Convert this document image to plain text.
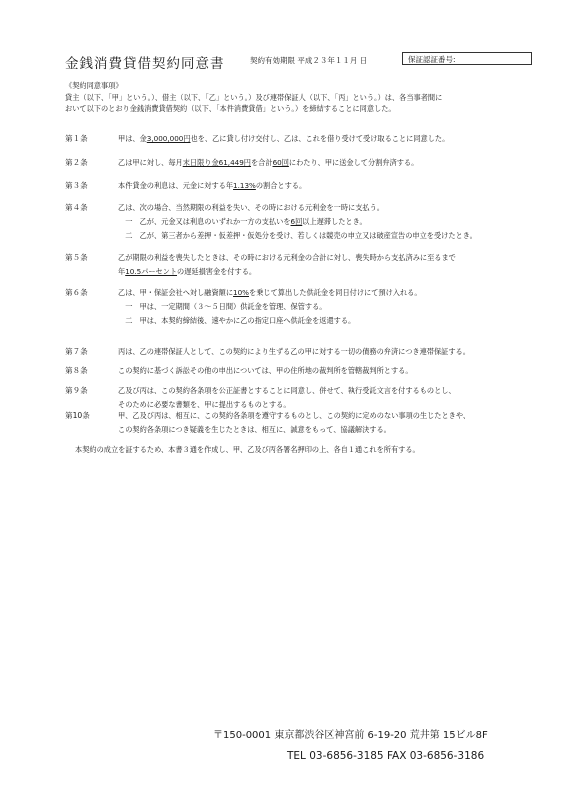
金銭消費貸借契約同意書	契約有効期限 平成２３年１１月 日	保証認証番号:
《契約同意事項》
貸主（以下、「甲」という。）、借主（以下、「乙」という。）及び連帯保証人（以下、「丙」という。）は、各当事者間に
おいて以下のとおり金銭消費貸借契約（以下、「本件消費貸借」という。）を締結することに同意した。
第１条	甲は、金3,000,000円也を、乙に貸し付け交付し、乙は、これを借り受けて受け取ることに同意した。
第２条	乙は甲に対し、毎月末日限り金61,449円を合計60回にわたり、甲に送金して分割弁済する。
第３条	本件貸金の利息は、元金に対する年1.13%の割合とする。
第４条	乙は、次の場合、当然期限の利益を失い、その時における元利金を一時に支払う。
　一　乙が、元金又は利息のいずれか一方の支払いを6回以上遅滞したとき。
　二　乙が、第三者から差押・仮差押・仮処分を受け、若しくは競売の申立又は破産宣告の申立を受けたとき。
第５条	乙が期限の利益を喪失したときは、その時における元利金の合計に対し、喪失時から支払済みに至るまで
年10.5パーセントの遅延損害金を付する。
第６条	乙は、甲・保証会社へ対し融資額に10%を乗じて算出した供託金を同日付けにて預け入れる。
　一　甲は、一定期間（３～５日間）供託金を管理、保管する。
　二　甲は、本契約締結後、速やかに乙の指定口座へ供託金を返還する。
第７条	丙は、乙の連帯保証人として、この契約により生ずる乙の甲に対する一切の債務の弁済につき連帯保証する。
第８条	この契約に基づく訴訟その他の申出については、甲の住所地の裁判所を管轄裁判所とする。
第９条	乙及び丙は、この契約各条項を公正証書とすることに同意し、併せて、執行受託文言を付するものとし、
そのために必要な書類を、甲に提出するものとする。
第10条	甲、乙及び丙は、相互に、この契約各条項を遵守するものとし、この契約に定めのない事項の生じたときや、
この契約各条項につき疑義を生じたときは、相互に、誠意をもって、協議解決する。
本契約の成立を証するため、本書３通を作成し、甲、乙及び丙各署名押印の上、各自１通これを所有する。
〒150-0001 東京都渋谷区神宮前 6-19-20 荒井第 15ビル8F
TEL 03-6856-3185 FAX 03-6856-3186
